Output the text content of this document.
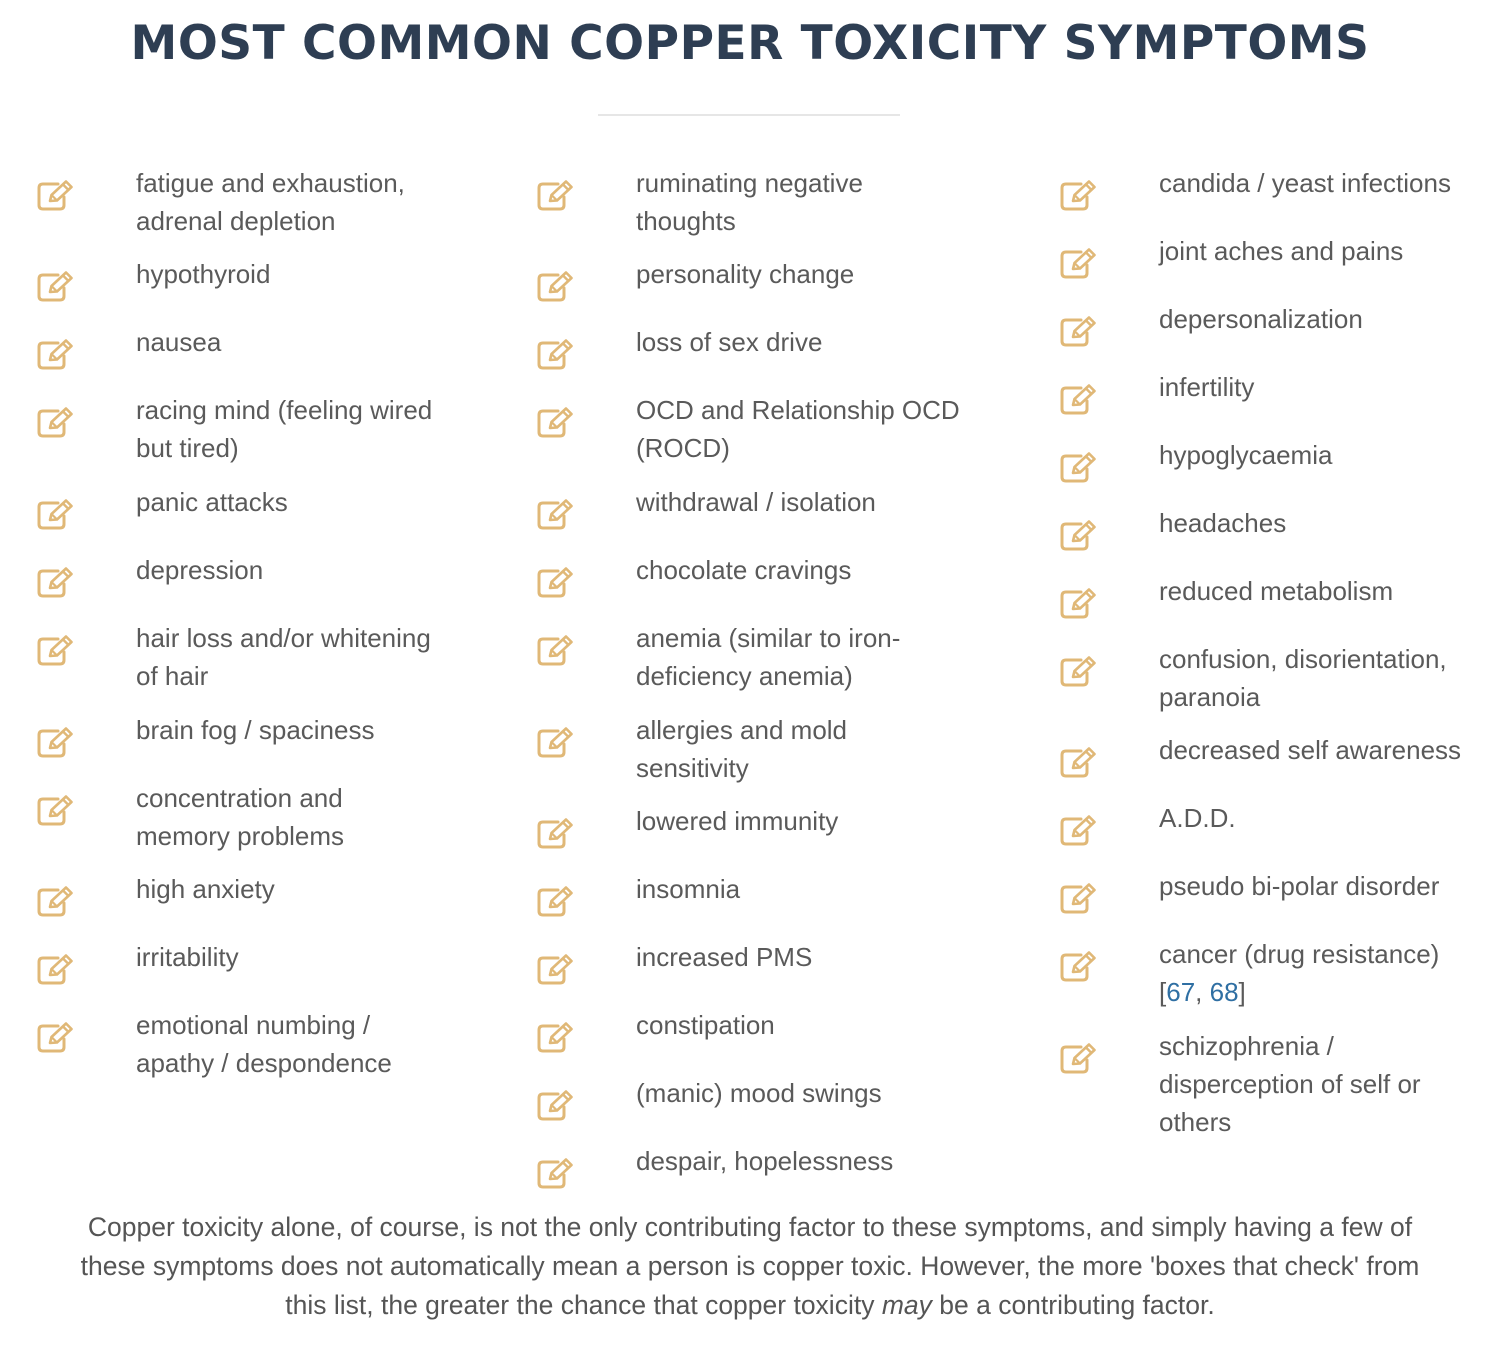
MOST COMMON COPPER TOXICITY SYMPTOMS
fatigue and exhaustion,
adrenal depletion
hypothyroid
nausea
racing mind (feeling wired
but tired)
panic attacks
depression
hair loss and/or whitening
of hair
brain fog / spaciness
concentration and
memory problems
high anxiety
irritability
emotional numbing /
apathy / despondence
ruminating negative
thoughts
personality change
loss of sex drive
OCD and Relationship OCD
(ROCD)
withdrawal / isolation
chocolate cravings
anemia (similar to iron-
deficiency anemia)
allergies and mold
sensitivity
lowered immunity
insomnia
increased PMS
constipation
(manic) mood swings
despair, hopelessness
candida / yeast infections
joint aches and pains
depersonalization
infertility
hypoglycaemia
headaches
reduced metabolism
confusion, disorientation,
paranoia
decreased self awareness
A.D.D.
pseudo bi-polar disorder
cancer (drug resistance)
[67, 68]
schizophrenia /
disperception of self or
others
Copper toxicity alone, of course, is not the only contributing factor to these symptoms, and simply having a few of
these symptoms does not automatically mean a person is copper toxic. However, the more 'boxes that check' from
this list, the greater the chance that copper toxicity may be a contributing factor.
